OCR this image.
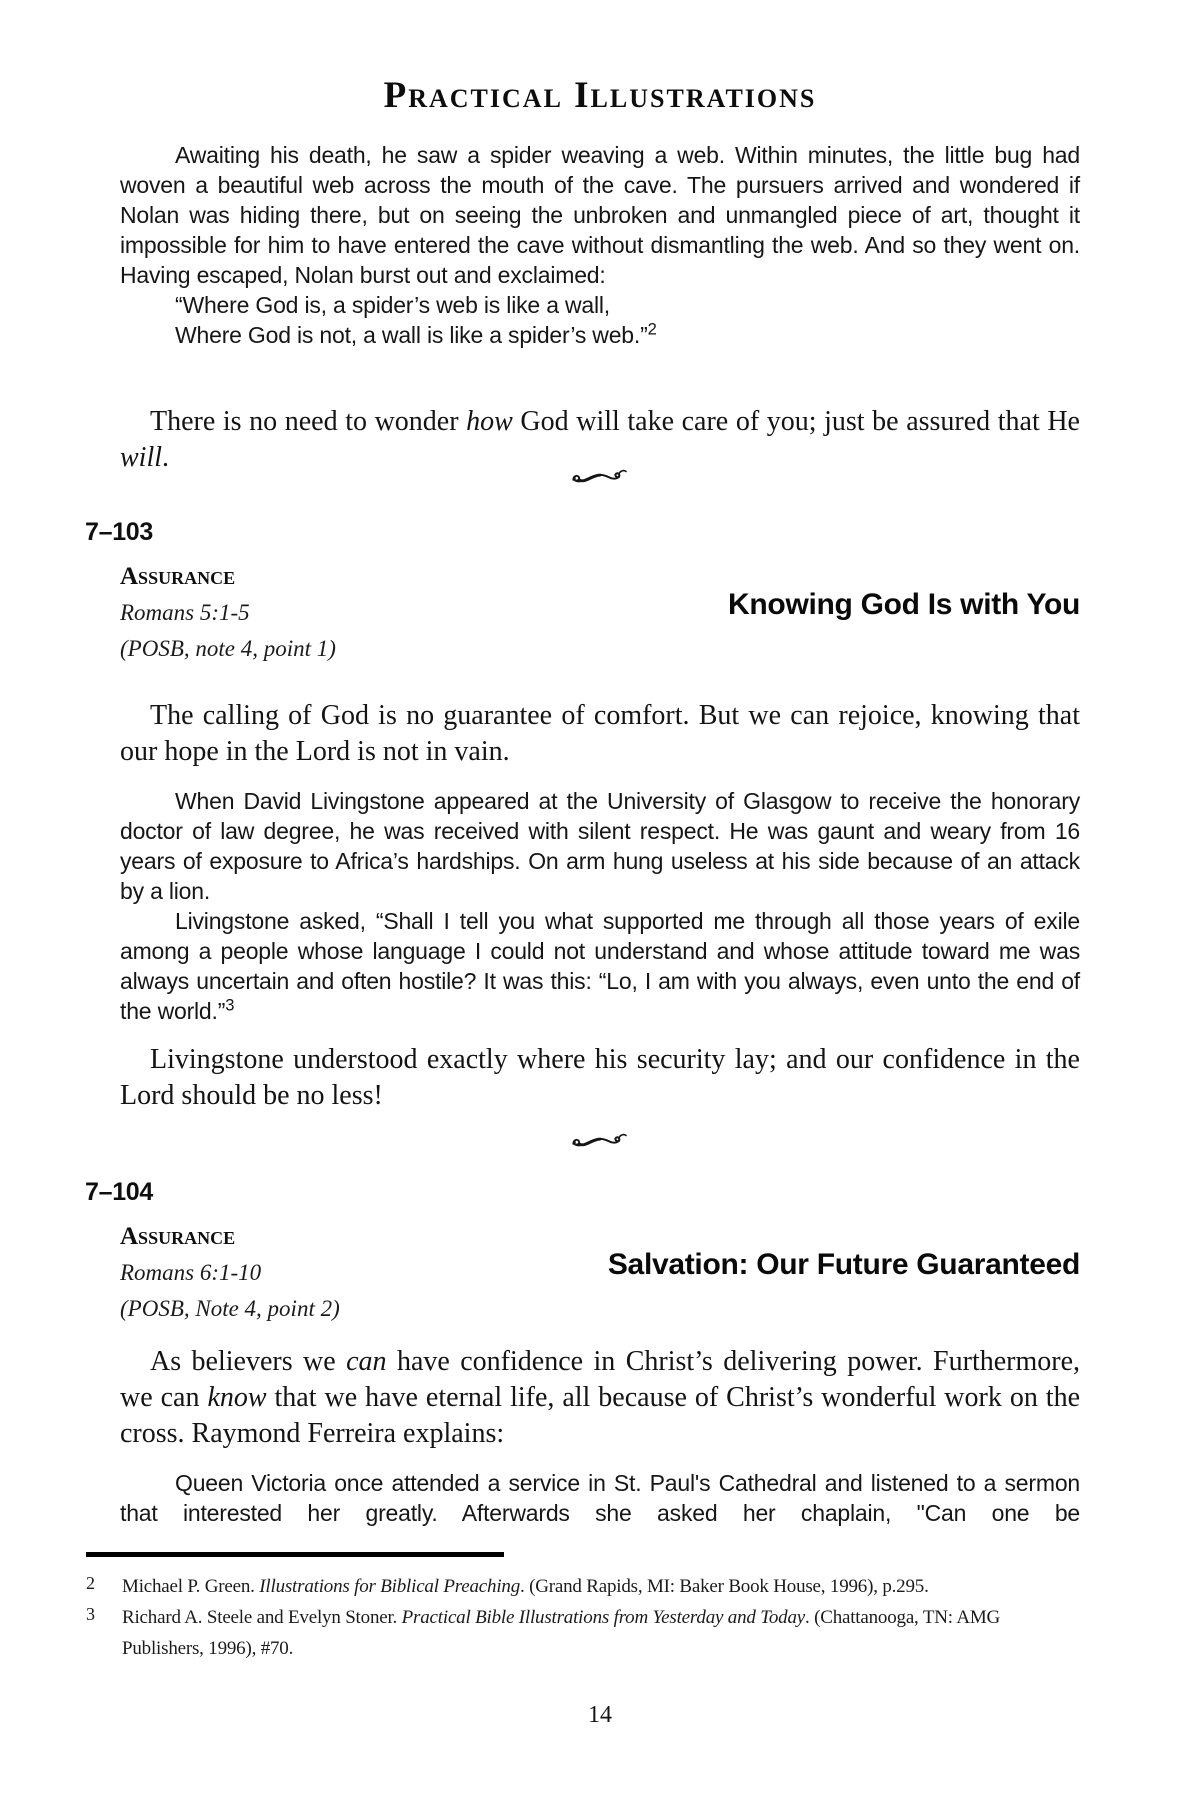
Practical Illustrations

Awaiting his death, he saw a spider weaving a web. Within minutes, the little bug had woven a beautiful web across the mouth of the cave. The pursuers arrived and wondered if Nolan was hiding there, but on seeing the unbroken and unmangled piece of art, thought it impossible for him to have entered the cave without dismantling the web. And so they went on. Having escaped, Nolan burst out and exclaimed:

“Where God is, a spider’s web is like a wall,
Where God is not, a wall is like a spider’s web.”$^2$

There is no need to wonder how God will take care of you; just be assured that He will.

7–103
Assurance
Romans 5:1-5
(POSB, note 4, point 1)
Knowing God Is with You

The calling of God is no guarantee of comfort. But we can rejoice, knowing that our hope in the Lord is not in vain.

When David Livingstone appeared at the University of Glasgow to receive the honorary doctor of law degree, he was received with silent respect. He was gaunt and weary from 16 years of exposure to Africa’s hardships. On arm hung useless at his side because of an attack by a lion.

Livingstone asked, “Shall I tell you what supported me through all those years of exile among a people whose language I could not understand and whose attitude toward me was always uncertain and often hostile? It was this: “Lo, I am with you always, even unto the end of the world.”$^3$

Livingstone understood exactly where his security lay; and our confidence in the Lord should be no less!

7–104
Assurance
Romans 6:1-10
(POSB, Note 4, point 2)
Salvation: Our Future Guaranteed

As believers we can have confidence in Christ’s delivering power. Furthermore, we can know that we have eternal life, all because of Christ’s wonderful work on the cross. Raymond Ferreira explains:

Queen Victoria once attended a service in St. Paul's Cathedral and listened to a sermon that interested her greatly. Afterwards she asked her chaplain, "Can one be

2 Michael P. Green. Illustrations for Biblical Preaching. (Grand Rapids, MI: Baker Book House, 1996), p.295.
3 Richard A. Steele and Evelyn Stoner. Practical Bible Illustrations from Yesterday and Today. (Chattanooga, TN: AMG Publishers, 1996), #70.
14
